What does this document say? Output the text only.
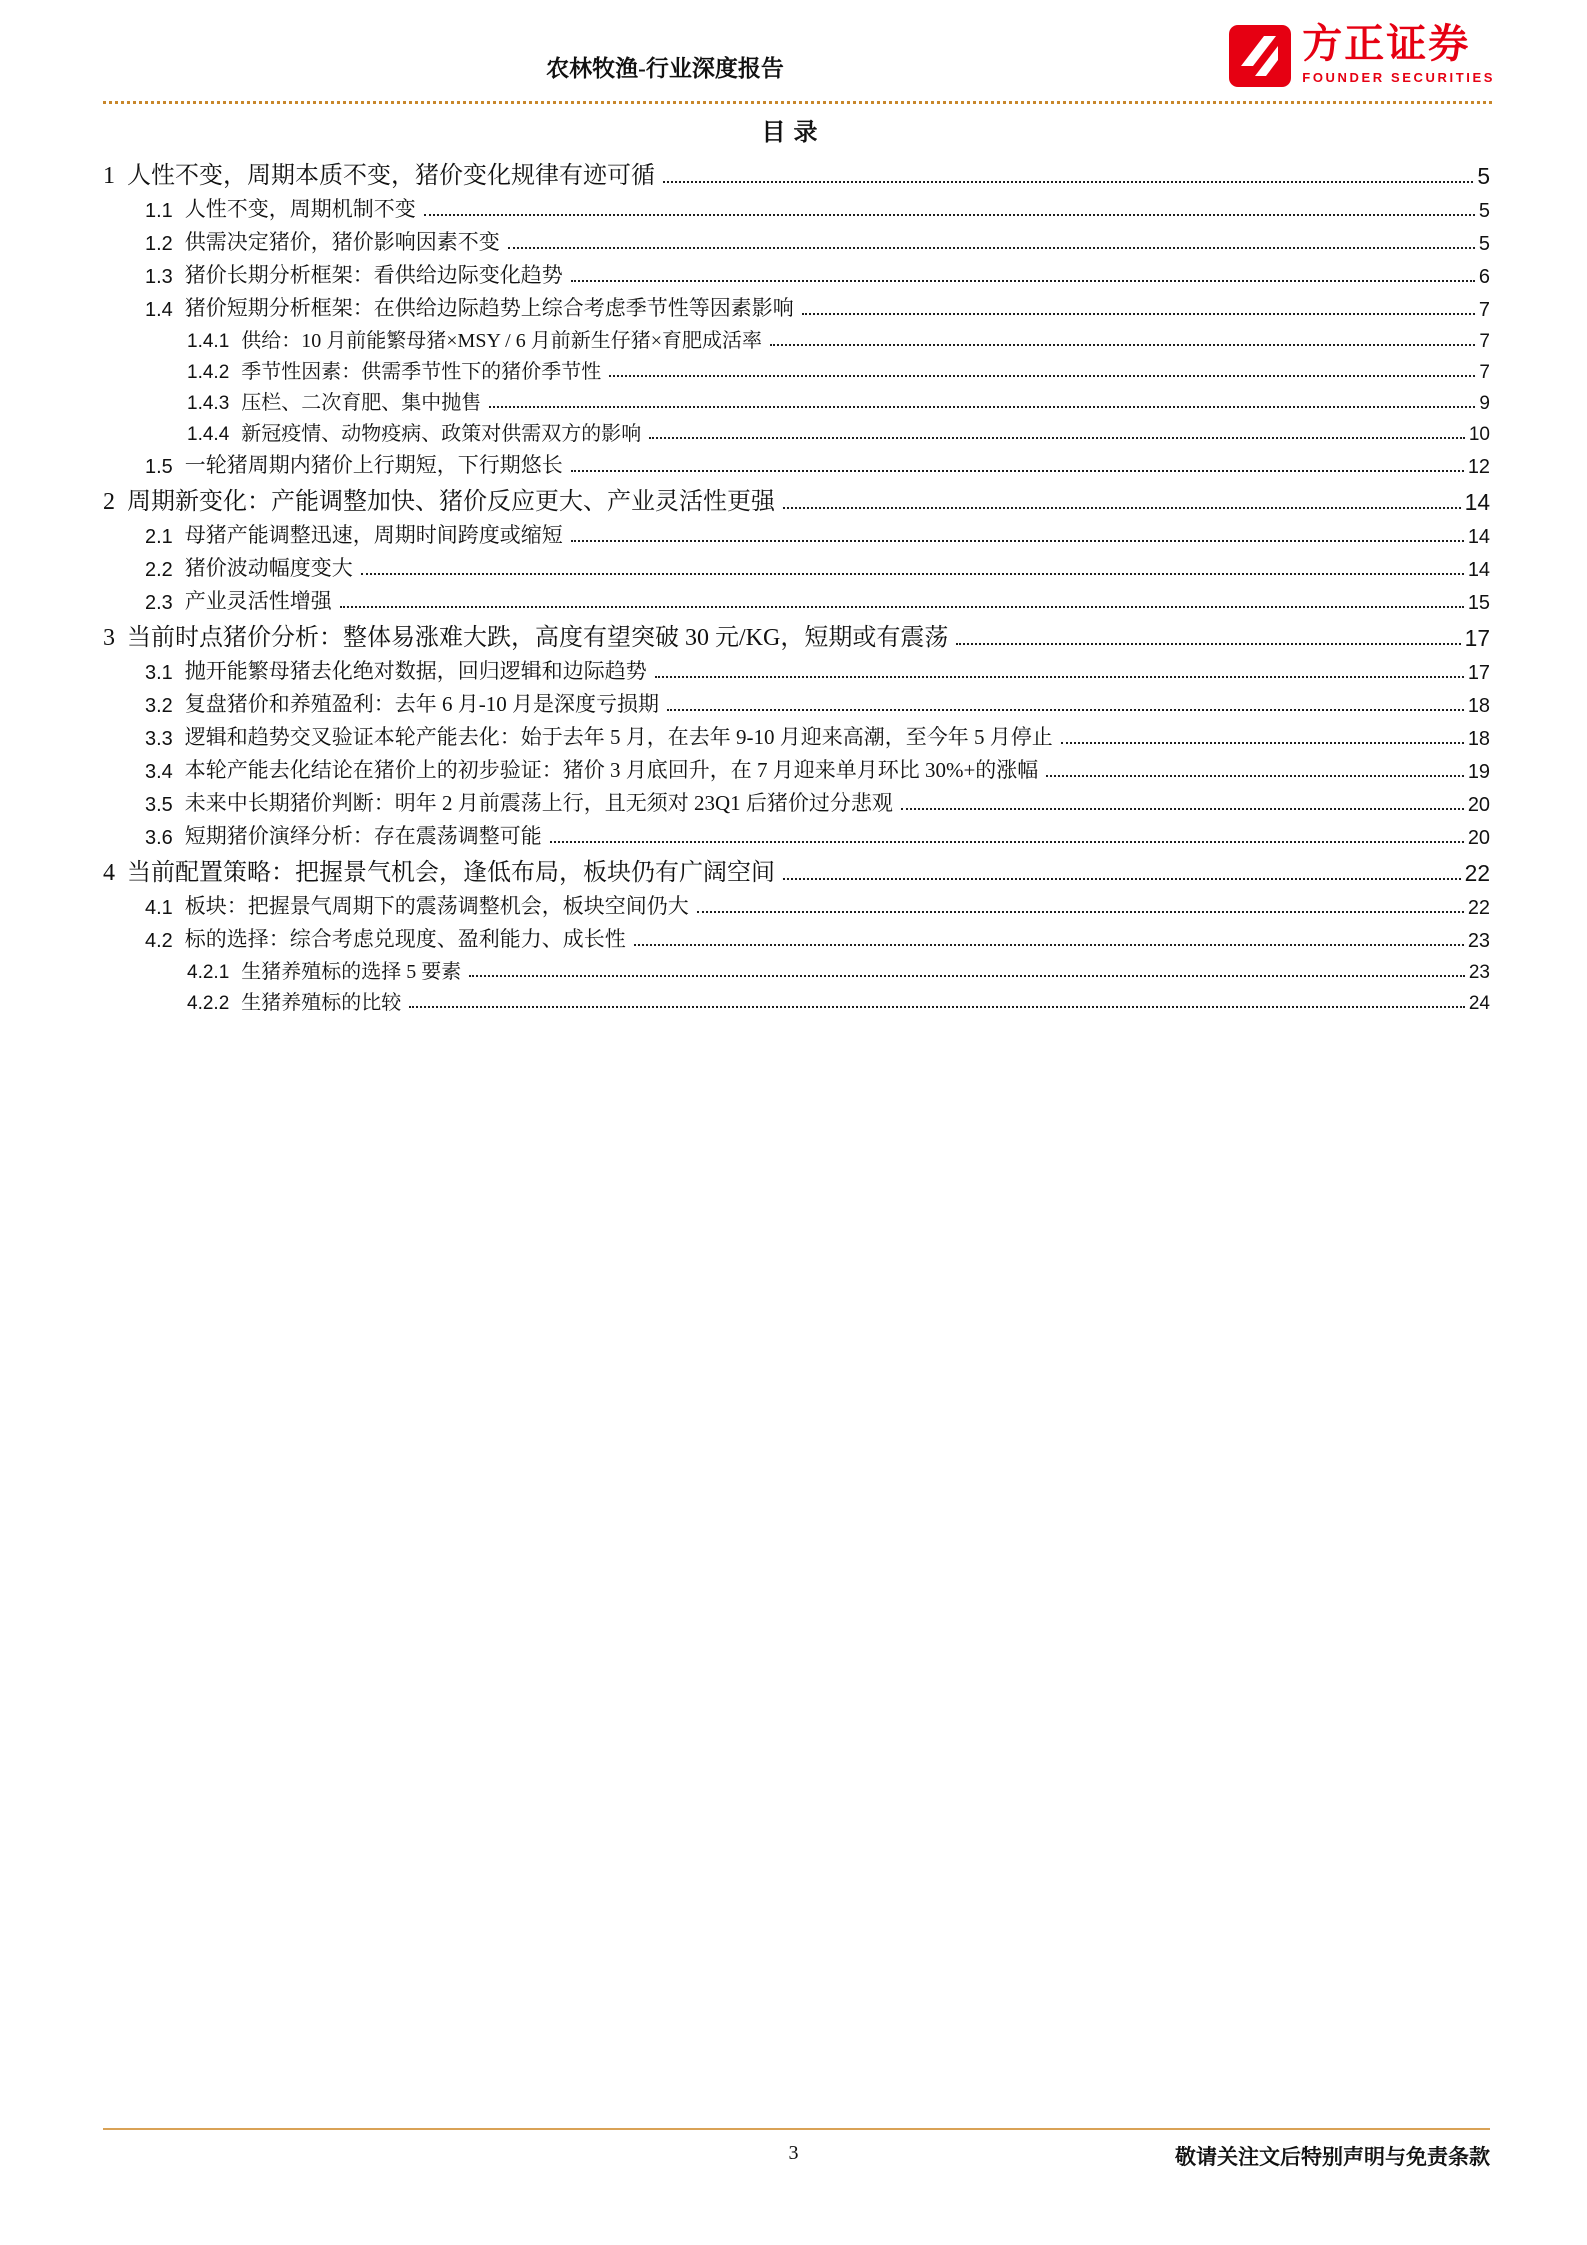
农林牧渔-行业深度报告
方正证券
FOUNDER SECURITIES
目录
1 人性不变，周期本质不变，猪价变化规律有迹可循	5
1.1 人性不变，周期机制不变	5
1.2 供需决定猪价，猪价影响因素不变	5
1.3 猪价长期分析框架：看供给边际变化趋势	6
1.4 猪价短期分析框架：在供给边际趋势上综合考虑季节性等因素影响	7
1.4.1 供给：10 月前能繁母猪×MSY / 6 月前新生仔猪×育肥成活率	7
1.4.2 季节性因素：供需季节性下的猪价季节性	7
1.4.3 压栏、二次育肥、集中抛售	9
1.4.4 新冠疫情、动物疫病、政策对供需双方的影响	10
1.5 一轮猪周期内猪价上行期短，下行期悠长	12
2 周期新变化：产能调整加快、猪价反应更大、产业灵活性更强	14
2.1 母猪产能调整迅速，周期时间跨度或缩短	14
2.2 猪价波动幅度变大	14
2.3 产业灵活性增强	15
3 当前时点猪价分析：整体易涨难大跌，高度有望突破 30 元/KG，短期或有震荡	17
3.1 抛开能繁母猪去化绝对数据，回归逻辑和边际趋势	17
3.2 复盘猪价和养殖盈利：去年 6 月-10 月是深度亏损期	18
3.3 逻辑和趋势交叉验证本轮产能去化：始于去年 5 月，在去年 9-10 月迎来高潮，至今年 5 月停止	18
3.4 本轮产能去化结论在猪价上的初步验证：猪价 3 月底回升，在 7 月迎来单月环比 30%+的涨幅	19
3.5 未来中长期猪价判断：明年 2 月前震荡上行，且无须对 23Q1 后猪价过分悲观	20
3.6 短期猪价演绎分析：存在震荡调整可能	20
4 当前配置策略：把握景气机会，逢低布局，板块仍有广阔空间	22
4.1 板块：把握景气周期下的震荡调整机会，板块空间仍大	22
4.2 标的选择：综合考虑兑现度、盈利能力、成长性	23
4.2.1 生猪养殖标的选择 5 要素	23
4.2.2 生猪养殖标的比较	24
3	敬请关注文后特别声明与免责条款
